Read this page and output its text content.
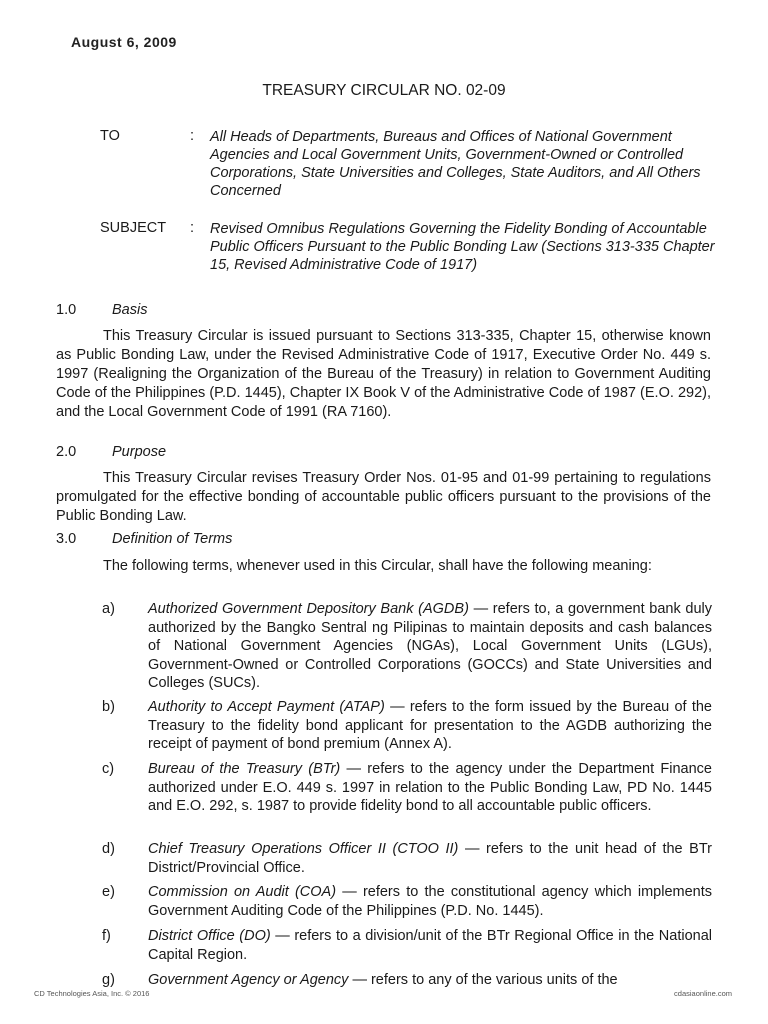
August 6, 2009
TREASURY CIRCULAR NO. 02-09
TO	:	All Heads of Departments, Bureaus and Offices of National Government Agencies and Local Government Units, Government-Owned or Controlled Corporations, State Universities and Colleges, State Auditors, and All Others Concerned
SUBJECT	:	Revised Omnibus Regulations Governing the Fidelity Bonding of Accountable Public Officers Pursuant to the Public Bonding Law (Sections 313-335 Chapter 15, Revised Administrative Code of 1917)
1.0	Basis
This Treasury Circular is issued pursuant to Sections 313-335, Chapter 15, otherwise known as Public Bonding Law, under the Revised Administrative Code of 1917, Executive Order No. 449 s. 1997 (Realigning the Organization of the Bureau of the Treasury) in relation to Government Auditing Code of the Philippines (P.D. 1445), Chapter IX Book V of the Administrative Code of 1987 (E.O. 292), and the Local Government Code of 1991 (RA 7160).
2.0	Purpose
This Treasury Circular revises Treasury Order Nos. 01-95 and 01-99 pertaining to regulations promulgated for the effective bonding of accountable public officers pursuant to the provisions of the Public Bonding Law.
3.0	Definition of Terms
The following terms, whenever used in this Circular, shall have the following meaning:
a)	Authorized Government Depository Bank (AGDB) — refers to, a government bank duly authorized by the Bangko Sentral ng Pilipinas to maintain deposits and cash balances of National Government Agencies (NGAs), Local Government Units (LGUs), Government-Owned or Controlled Corporations (GOCCs) and State Universities and Colleges (SUCs).
b)	Authority to Accept Payment (ATAP) — refers to the form issued by the Bureau of the Treasury to the fidelity bond applicant for presentation to the AGDB authorizing the receipt of payment of bond premium (Annex A).
c)	Bureau of the Treasury (BTr) — refers to the agency under the Department Finance authorized under E.O. 449 s. 1997 in relation to the Public Bonding Law, PD No. 1445 and E.O. 292, s. 1987 to provide fidelity bond to all accountable public officers.
d)	Chief Treasury Operations Officer II (CTOO II) — refers to the unit head of the BTr District/Provincial Office.
e)	Commission on Audit (COA) — refers to the constitutional agency which implements Government Auditing Code of the Philippines (P.D. No. 1445).
f)	District Office (DO) — refers to a division/unit of the BTr Regional Office in the National Capital Region.
g)	Government Agency or Agency — refers to any of the various units of the
CD Technologies Asia, Inc. © 2016	cdasiaonline.com
